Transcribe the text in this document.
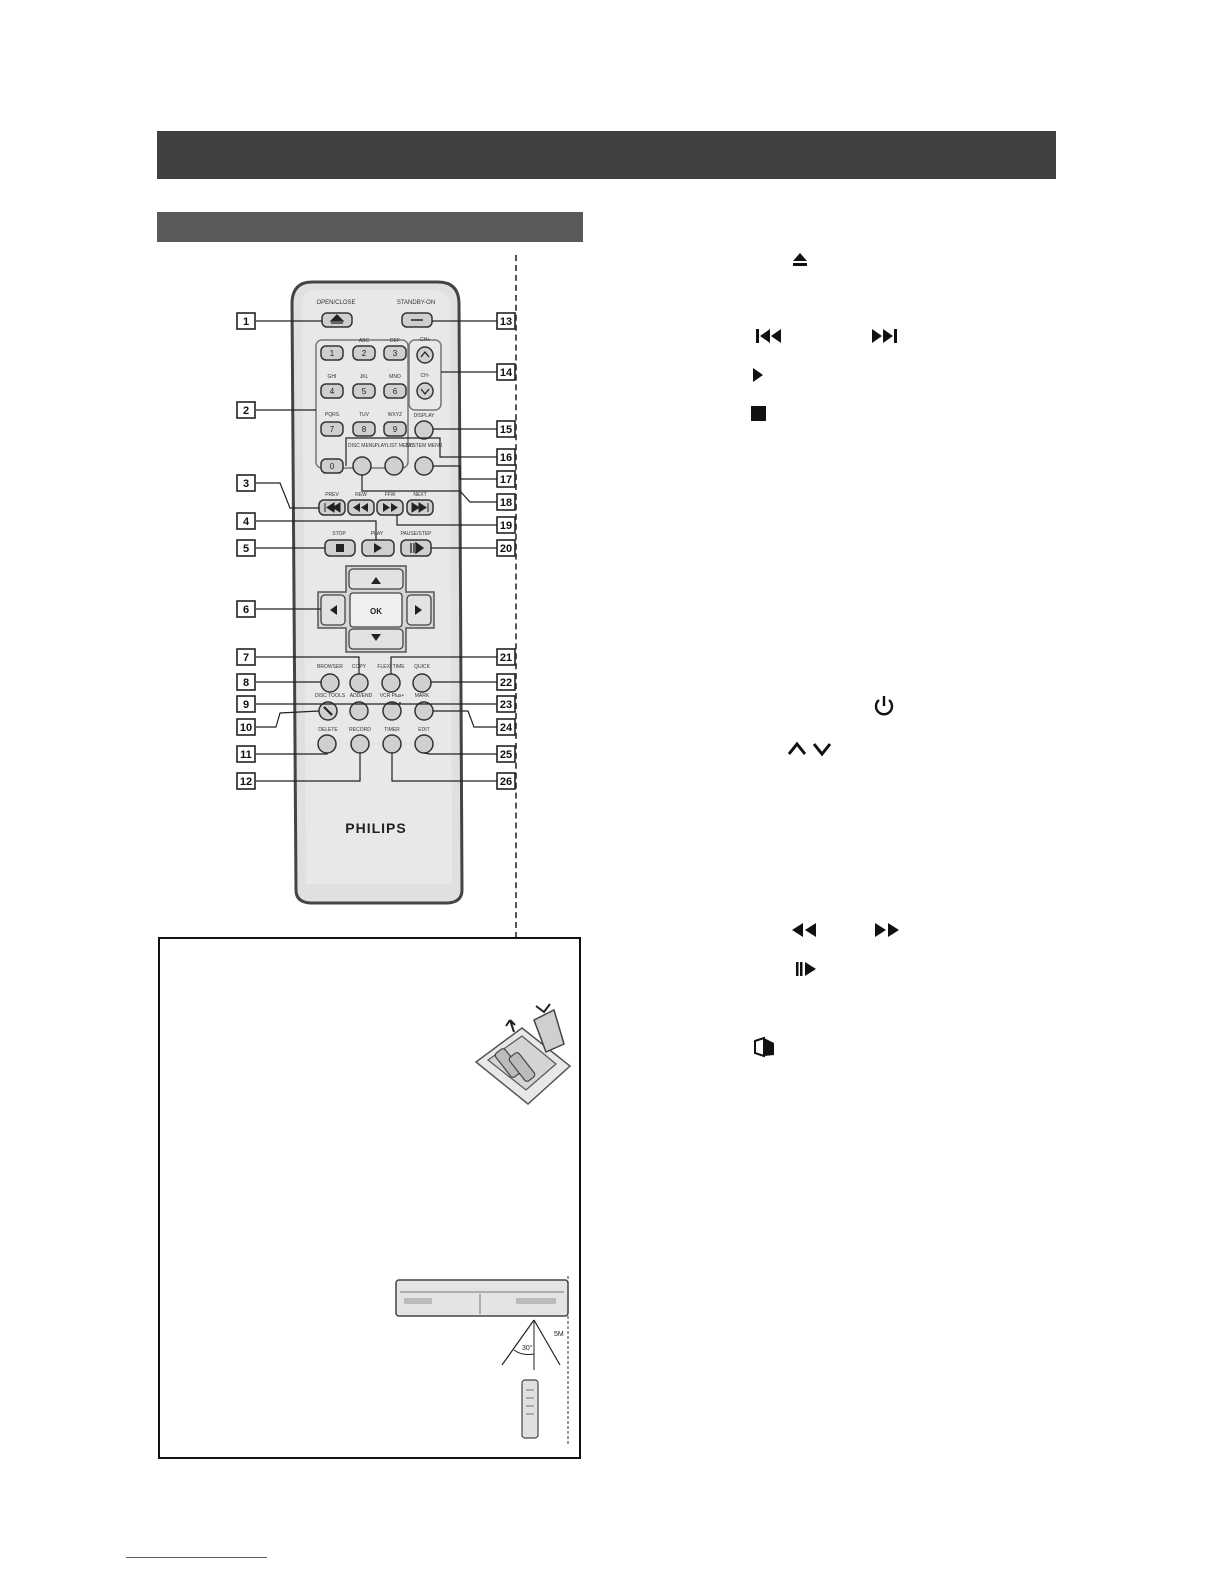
OPEN/CLOSE	STANDBY-ON
ABC	DEF
GHI	JKL	MNO
PQRS	TUV	WXYZ
CH+
CH-
DISPLAY
1	2	3
4	5	6
7	8	9
0
DISC MENU
PLAYLIST MENU
SYSTEM MENU
PREV	REW	FFW	NEXT
STOP	PLAY	PAUSE/STEP
OK
BROWSER COPY FLEXI TIME QUICK
DISC TOOLS ADD/END VCR Plus+ MARK
DELETE RECORD	TIMER	EDIT
PHILIPS
1
2
3
4
5
6
7
8
9
10
11
12
13
14
15
16
17
18
19
20
21
22
23
24
25
26
30°
5M
